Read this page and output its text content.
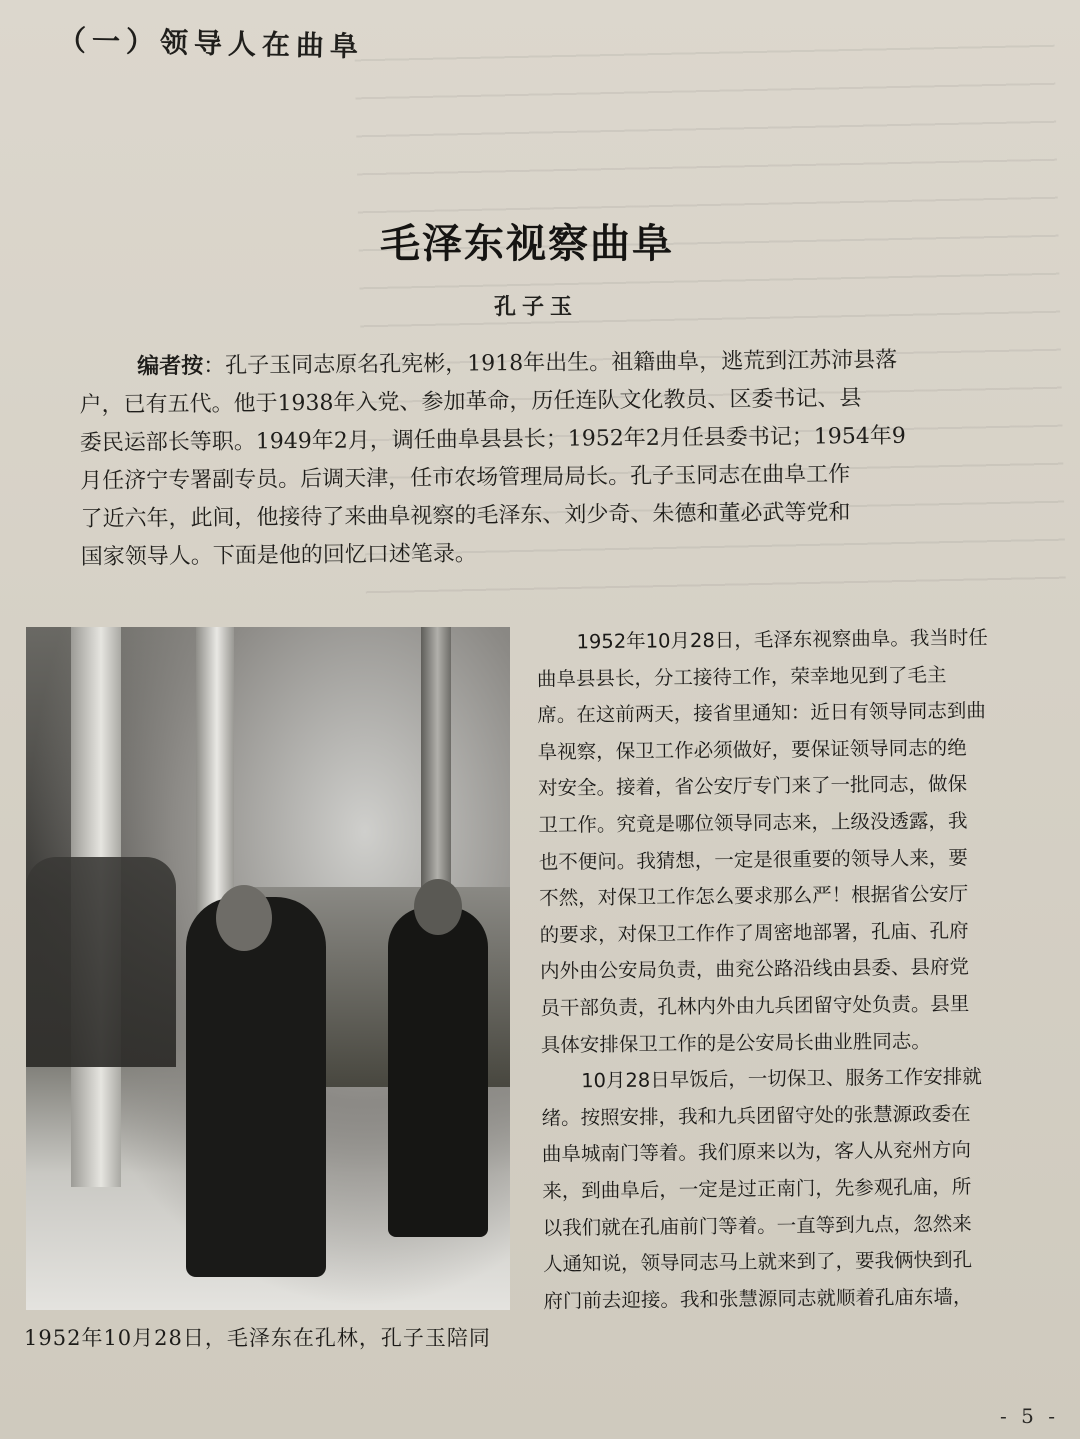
（一）领导人在曲阜
毛泽东视察曲阜
孔子玉
编者按：孔子玉同志原名孔宪彬，1918年出生。祖籍曲阜，逃荒到江苏沛县落
户，已有五代。他于1938年入党、参加革命，历任连队文化教员、区委书记、县
委民运部长等职。1949年2月，调任曲阜县县长；1952年2月任县委书记；1954年9
月任济宁专署副专员。后调天津，任市农场管理局局长。孔子玉同志在曲阜工作
了近六年，此间，他接待了来曲阜视察的毛泽东、刘少奇、朱德和董必武等党和
国家领导人。下面是他的回忆口述笔录。
1952年10月28日，毛泽东在孔林，孔子玉陪同
1952年10月28日，毛泽东视察曲阜。我当时任
曲阜县县长，分工接待工作，荣幸地见到了毛主
席。在这前两天，接省里通知：近日有领导同志到曲
阜视察，保卫工作必须做好，要保证领导同志的绝
对安全。接着，省公安厅专门来了一批同志，做保
卫工作。究竟是哪位领导同志来，上级没透露，我
也不便问。我猜想，一定是很重要的领导人来，要
不然，对保卫工作怎么要求那么严！根据省公安厅
的要求，对保卫工作作了周密地部署，孔庙、孔府
内外由公安局负责，曲兖公路沿线由县委、县府党
员干部负责，孔林内外由九兵团留守处负责。县里
具体安排保卫工作的是公安局长曲业胜同志。
10月28日早饭后，一切保卫、服务工作安排就
绪。按照安排，我和九兵团留守处的张慧源政委在
曲阜城南门等着。我们原来以为，客人从兖州方向
来，到曲阜后，一定是过正南门，先参观孔庙，所
以我们就在孔庙前门等着。一直等到九点，忽然来
人通知说，领导同志马上就来到了，要我俩快到孔
府门前去迎接。我和张慧源同志就顺着孔庙东墙，
- 5 -
